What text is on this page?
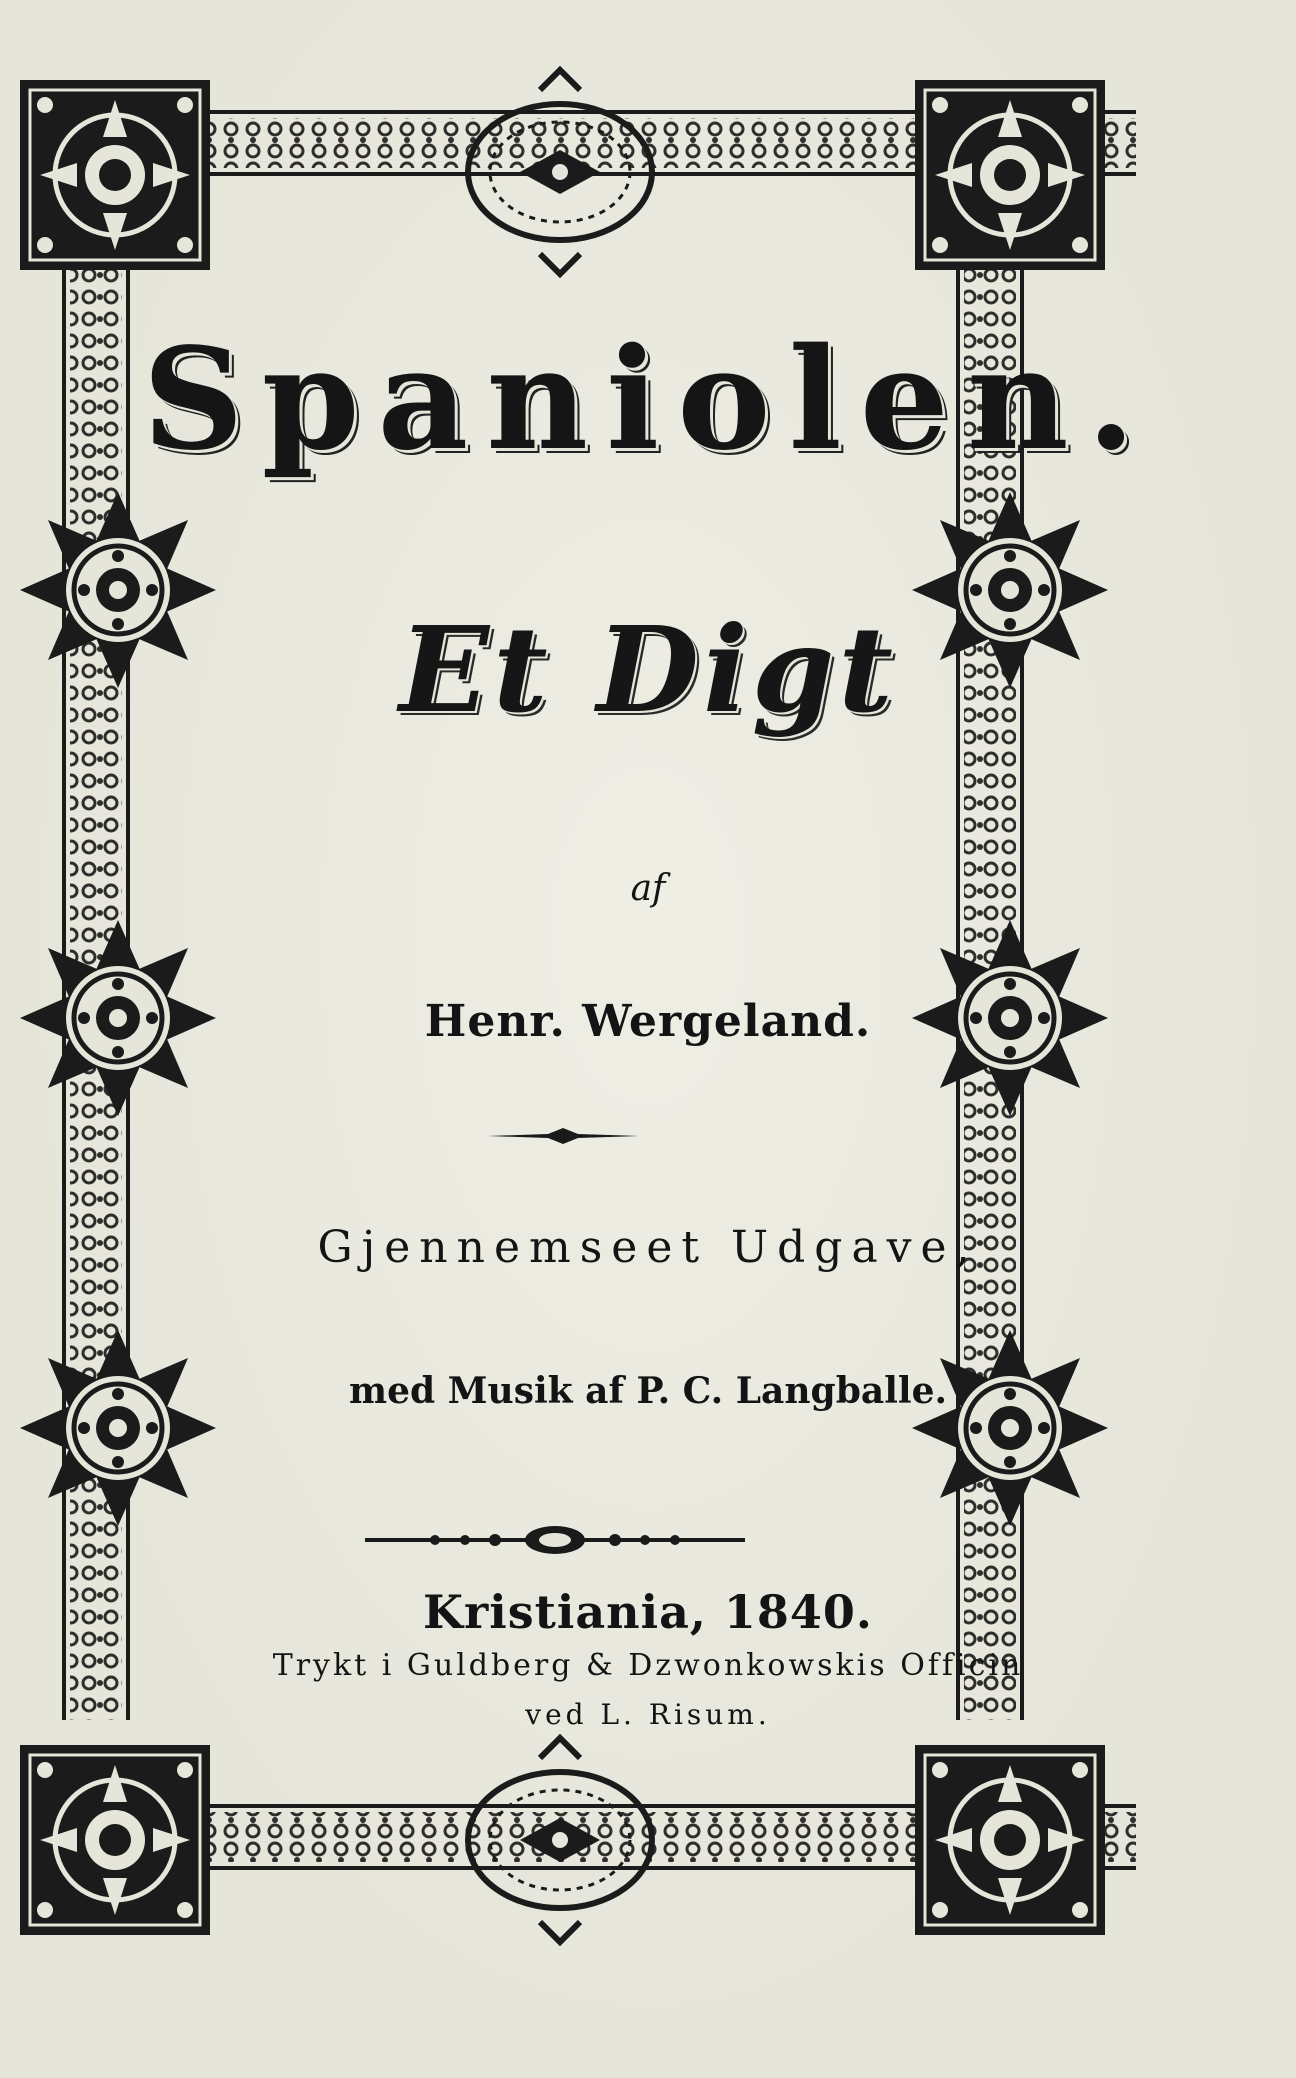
Spaniolen.
Et Digt

af

Henr. Wergeland.

Gjennemseet Udgave,

med Musik af P. C. Langballe.

Kristiania, 1840.

Trykt i Guldberg & Dzwonkowskis Officin

ved L. Risum.
